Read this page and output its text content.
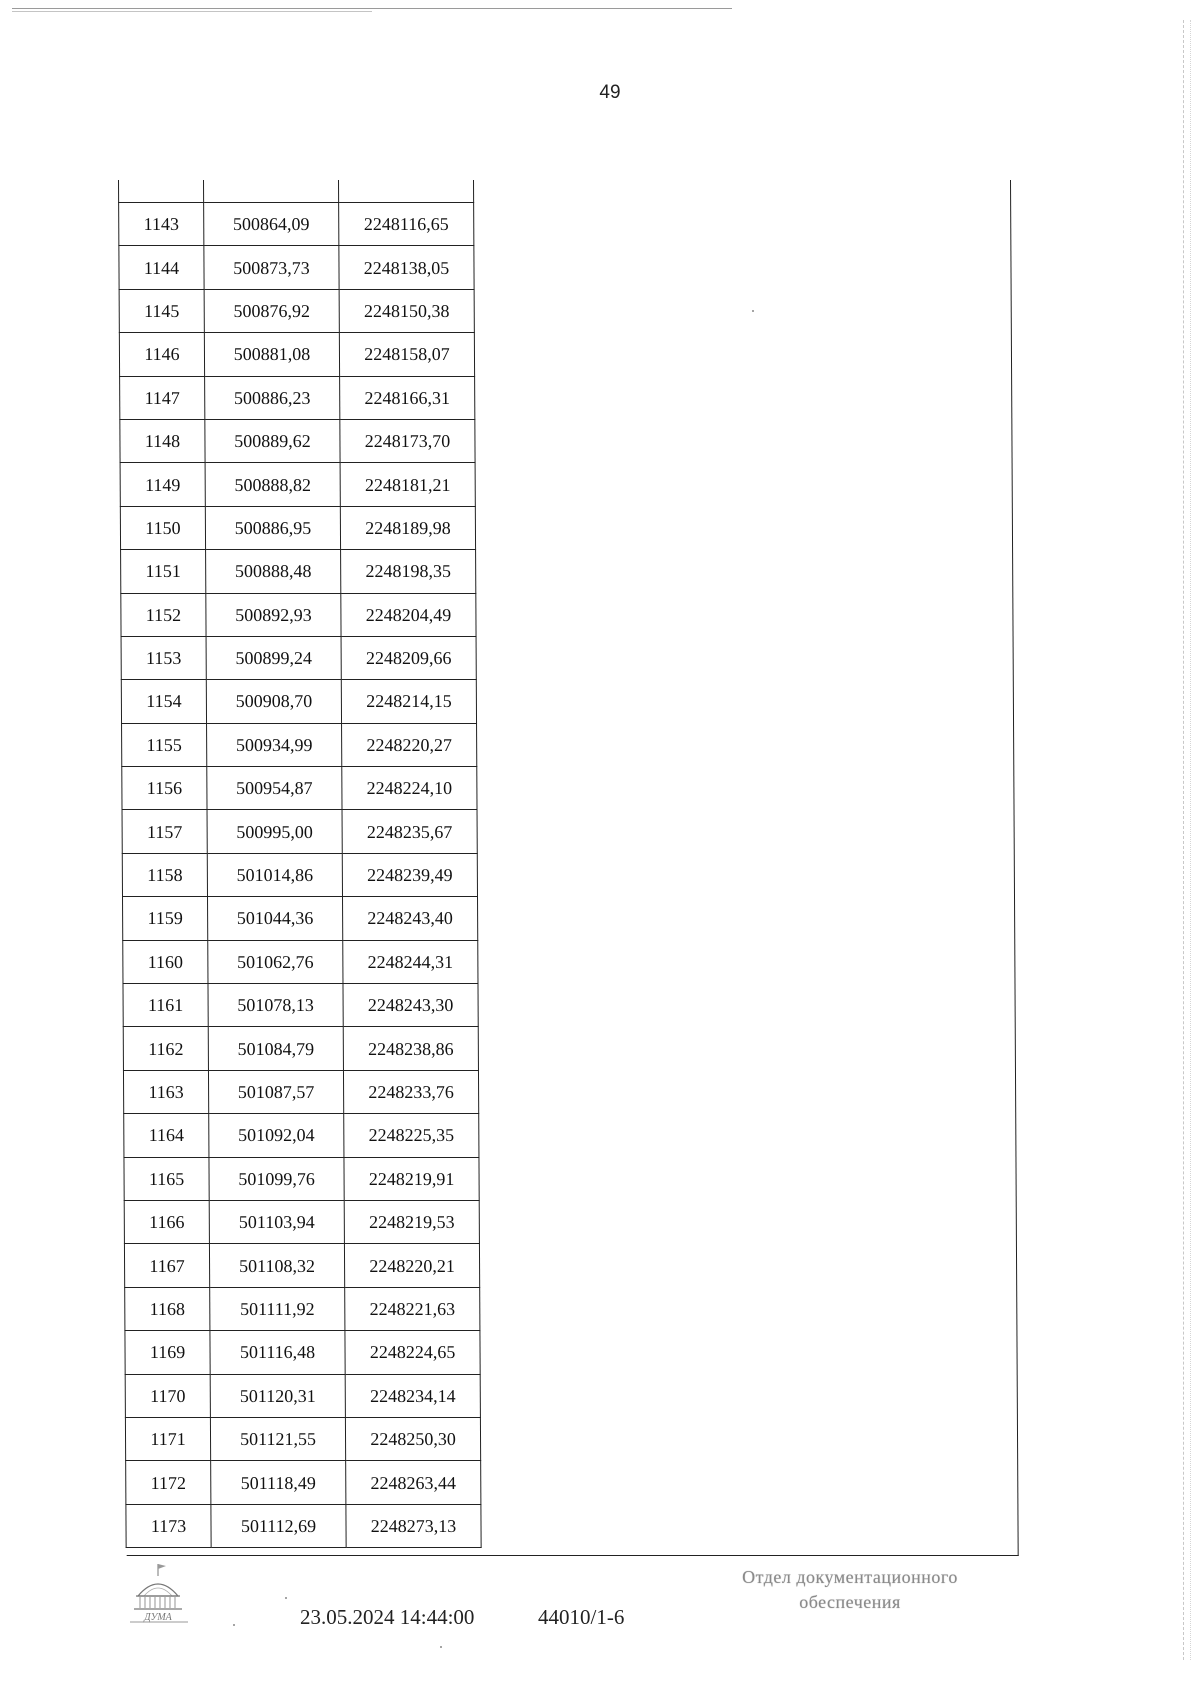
49

1143	500864,09	2248116,65
1144	500873,73	2248138,05
1145	500876,92	2248150,38
1146	500881,08	2248158,07
1147	500886,23	2248166,31
1148	500889,62	2248173,70
1149	500888,82	2248181,21
1150	500886,95	2248189,98
1151	500888,48	2248198,35
1152	500892,93	2248204,49
1153	500899,24	2248209,66
1154	500908,70	2248214,15
1155	500934,99	2248220,27
1156	500954,87	2248224,10
1157	500995,00	2248235,67
1158	501014,86	2248239,49
1159	501044,36	2248243,40
1160	501062,76	2248244,31
1161	501078,13	2248243,30
1162	501084,79	2248238,86
1163	501087,57	2248233,76
1164	501092,04	2248225,35
1165	501099,76	2248219,91
1166	501103,94	2248219,53
1167	501108,32	2248220,21
1168	501111,92	2248221,63
1169	501116,48	2248224,65
1170	501120,31	2248234,14
1171	501121,55	2248250,30
1172	501118,49	2248263,44
1173	501112,69	2248273,13
ДУМА	23.05.2024 14:44:00	44010/1-6
Отдел документационного
обеспечения
